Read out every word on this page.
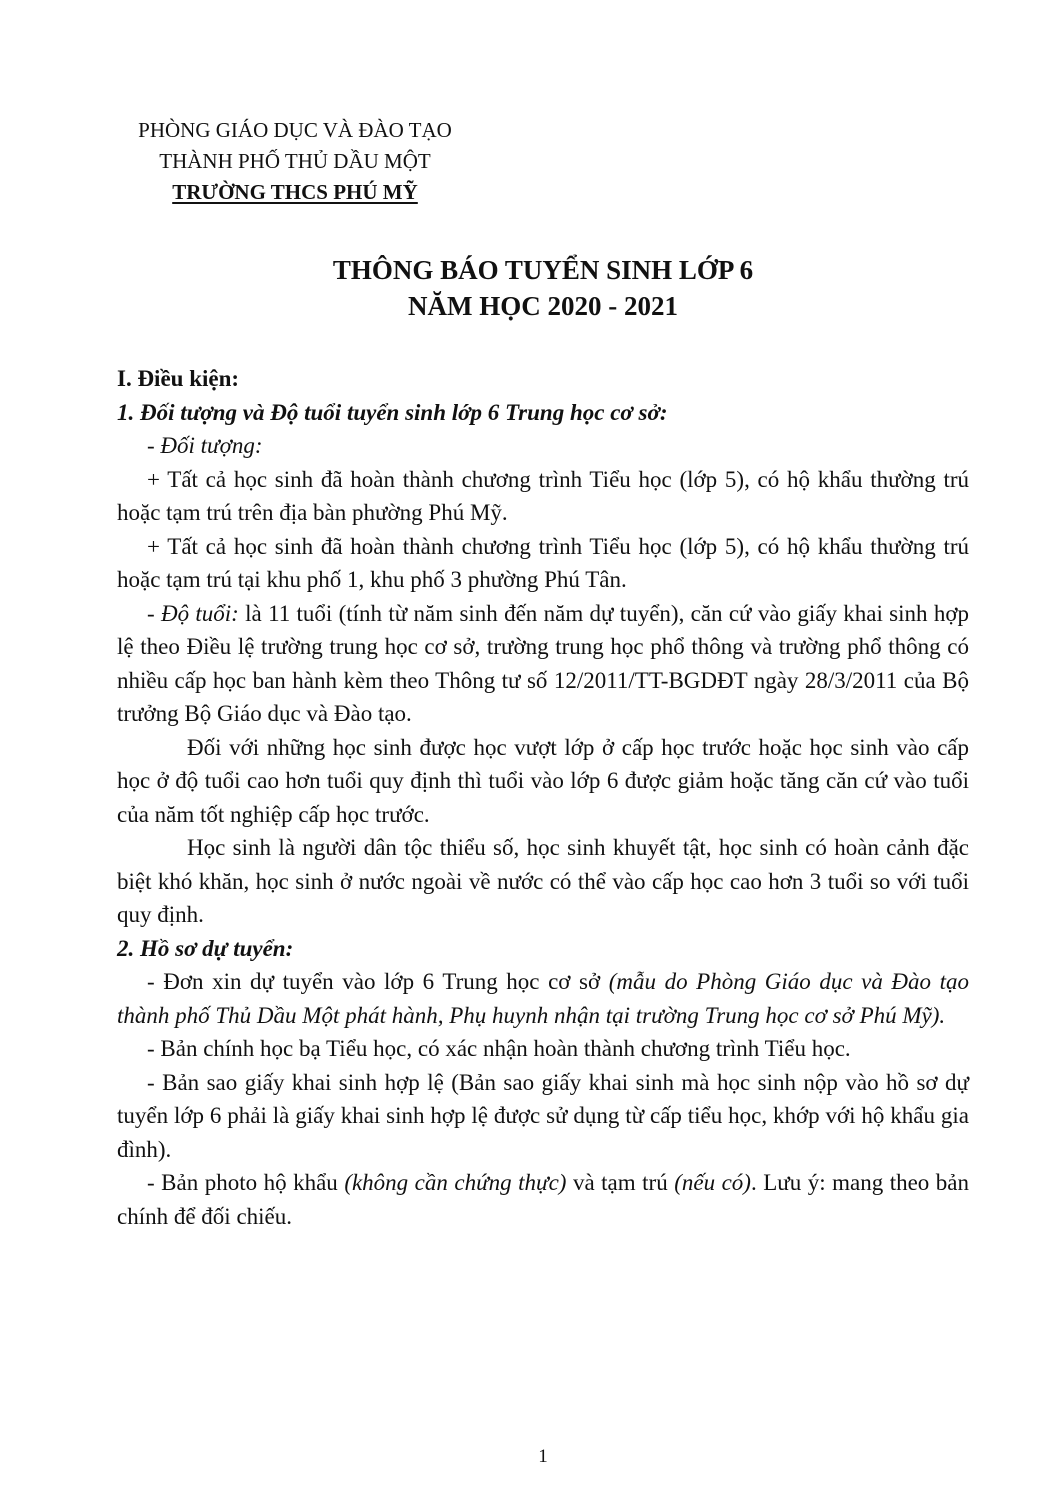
PHÒNG GIÁO DỤC VÀ ĐÀO TẠO
THÀNH PHỐ THỦ DẦU MỘT
TRƯỜNG THCS PHÚ MỸ
THÔNG BÁO TUYỂN SINH LỚP 6
NĂM HỌC 2020 - 2021

I. Điều kiện:

1. Đối tượng và Độ tuổi tuyển sinh lớp 6 Trung học cơ sở:

- Đối tượng:

+ Tất cả học sinh đã hoàn thành chương trình Tiểu học (lớp 5), có hộ khẩu thường trú hoặc tạm trú trên địa bàn phường Phú Mỹ.

+ Tất cả học sinh đã hoàn thành chương trình Tiểu học (lớp 5), có hộ khẩu thường trú hoặc tạm trú tại khu phố 1, khu phố 3 phường Phú Tân.

- Độ tuổi: là 11 tuổi (tính từ năm sinh đến năm dự tuyển), căn cứ vào giấy khai sinh hợp lệ theo Điều lệ trường trung học cơ sở, trường trung học phổ thông và trường phổ thông có nhiều cấp học ban hành kèm theo Thông tư số 12/2011/TT-BGDĐT ngày 28/3/2011 của Bộ trưởng Bộ Giáo dục và Đào tạo.

Đối với những học sinh được học vượt lớp ở cấp học trước hoặc học sinh vào cấp học ở độ tuổi cao hơn tuổi quy định thì tuổi vào lớp 6 được giảm hoặc tăng căn cứ vào tuổi của năm tốt nghiệp cấp học trước.

Học sinh là người dân tộc thiểu số, học sinh khuyết tật, học sinh có hoàn cảnh đặc biệt khó khăn, học sinh ở nước ngoài về nước có thể vào cấp học cao hơn 3 tuổi so với tuổi quy định.

2. Hồ sơ dự tuyển:

- Đơn xin dự tuyển vào lớp 6 Trung học cơ sở (mẫu do Phòng Giáo dục và Đào tạo thành phố Thủ Dầu Một phát hành, Phụ huynh nhận tại trường Trung học cơ sở Phú Mỹ).

- Bản chính học bạ Tiểu học, có xác nhận hoàn thành chương trình Tiểu học.

- Bản sao giấy khai sinh hợp lệ (Bản sao giấy khai sinh mà học sinh nộp vào hồ sơ dự tuyển lớp 6 phải là giấy khai sinh hợp lệ được sử dụng từ cấp tiểu học, khớp với hộ khẩu gia đình).

- Bản photo hộ khẩu (không cần chứng thực) và tạm trú (nếu có). Lưu ý: mang theo bản chính để đối chiếu.

1
